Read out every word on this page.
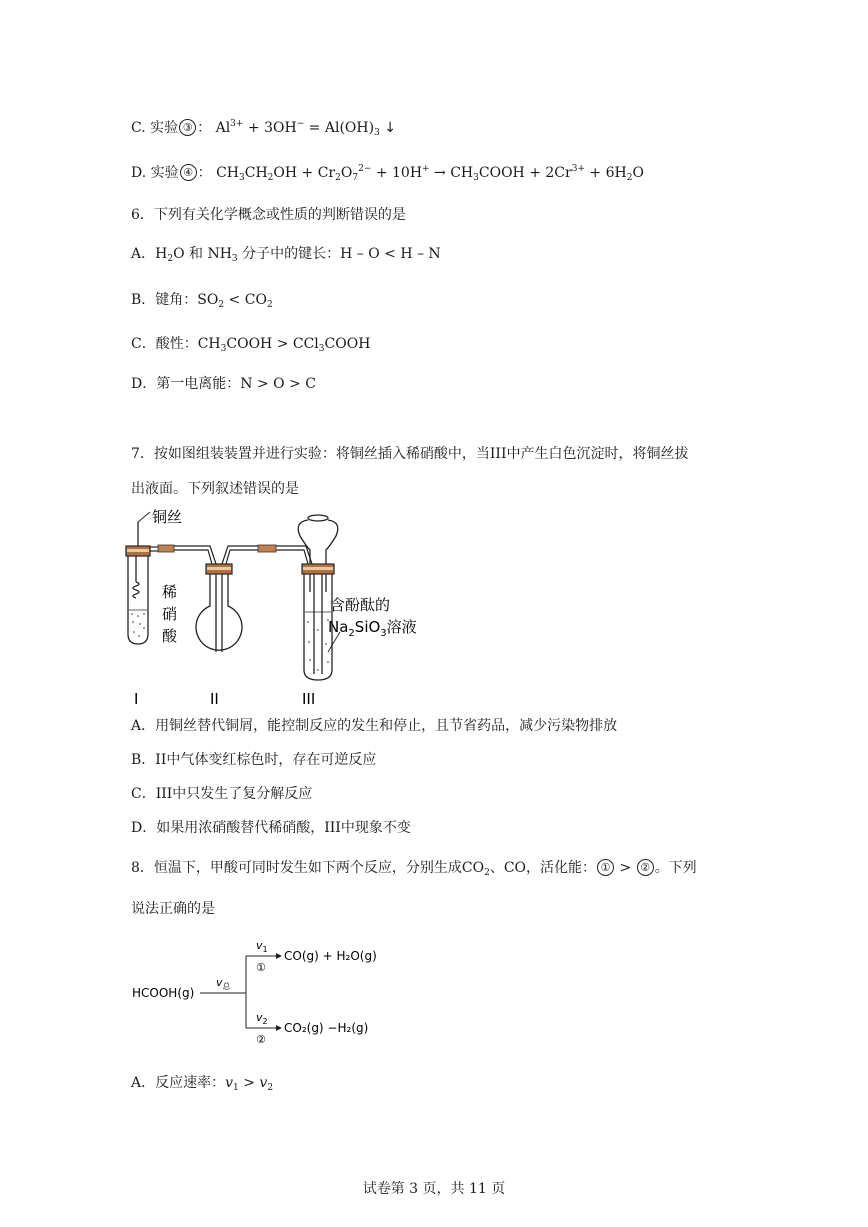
C. 实验 ③ ： $Al^{3+} + 3OH^- = Al(OH)_3$ ↓
D. 实验 ④ ： $CH_3CH_2OH + Cr_2O_7^{2-} + 10H^+$ → $CH_3COOH + 2Cr^{3+} + 6H_2O$
6．下列有关化学概念或性质的判断错误的是
A．$H_2O$ 和 $NH_3$ 分子中的键长：H – O < H – N
B．键角：$SO_2 < CO_2$
C．酸性：$CH_3COOH$ > CCl$_3$COOH
D．第一电离能：N > O > C
7．按如图组装装置并进行实验：将铜丝插入稀硝酸中，当III中产生白色沉淀时，将铜丝拔
出液面。下列叙述错误的是
铜丝
稀
硝
酸
含酚酞的
$Na_2SiO_3$溶液
I	II	III
A．用铜丝替代铜屑，能控制反应的发生和停止，且节省药品，减少污染物排放
B．II中气体变红棕色时，存在可逆反应
C．III中只发生了复分解反应
D．如果用浓硝酸替代稀硝酸，III中现象不变
8．恒温下，甲酸可同时发生如下两个反应，分别生成$CO_2$、CO，活化能： ① > ② 。下列
说法正确的是
HCOOH(g)
$v_总$
$v_1$
①
CO(g) + H₂O(g)
$v_2$
②
CO₂(g) −H₂(g)
A．反应速率：$v_1 > v_2$
试卷第 3 页，共 11 页
